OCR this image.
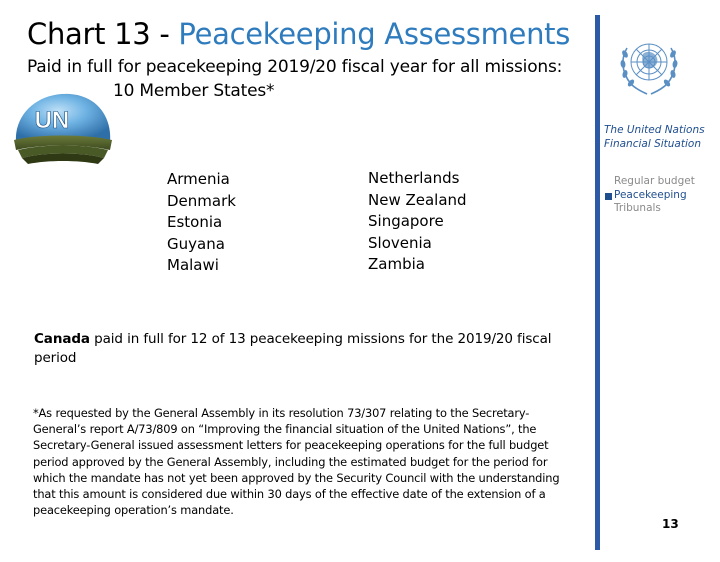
Chart 13 - Peacekeeping Assessments
Paid in full for peacekeeping 2019/20 fiscal year for all missions:
10 Member States*
UN
Armenia
Denmark
Estonia
Guyana
Malawi
Netherlands
New Zealand
Singapore
Slovenia
Zambia
The United Nations Financial Situation
Regular budget
Peacekeeping
Tribunals
Canada paid in full for 12 of 13 peacekeeping missions for the 2019/20 fiscal period
*As requested by the General Assembly in its resolution 73/307 relating to the Secretary-General’s report A/73/809 on “Improving the financial situation of the United Nations”, the Secretary-General issued assessment letters for peacekeeping operations for the full budget period approved by the General Assembly, including the estimated budget for the period for which the mandate has not yet been approved by the Security Council with the understanding that this amount is considered due within 30 days of the effective date of the extension of a peacekeeping operation’s mandate.
13
